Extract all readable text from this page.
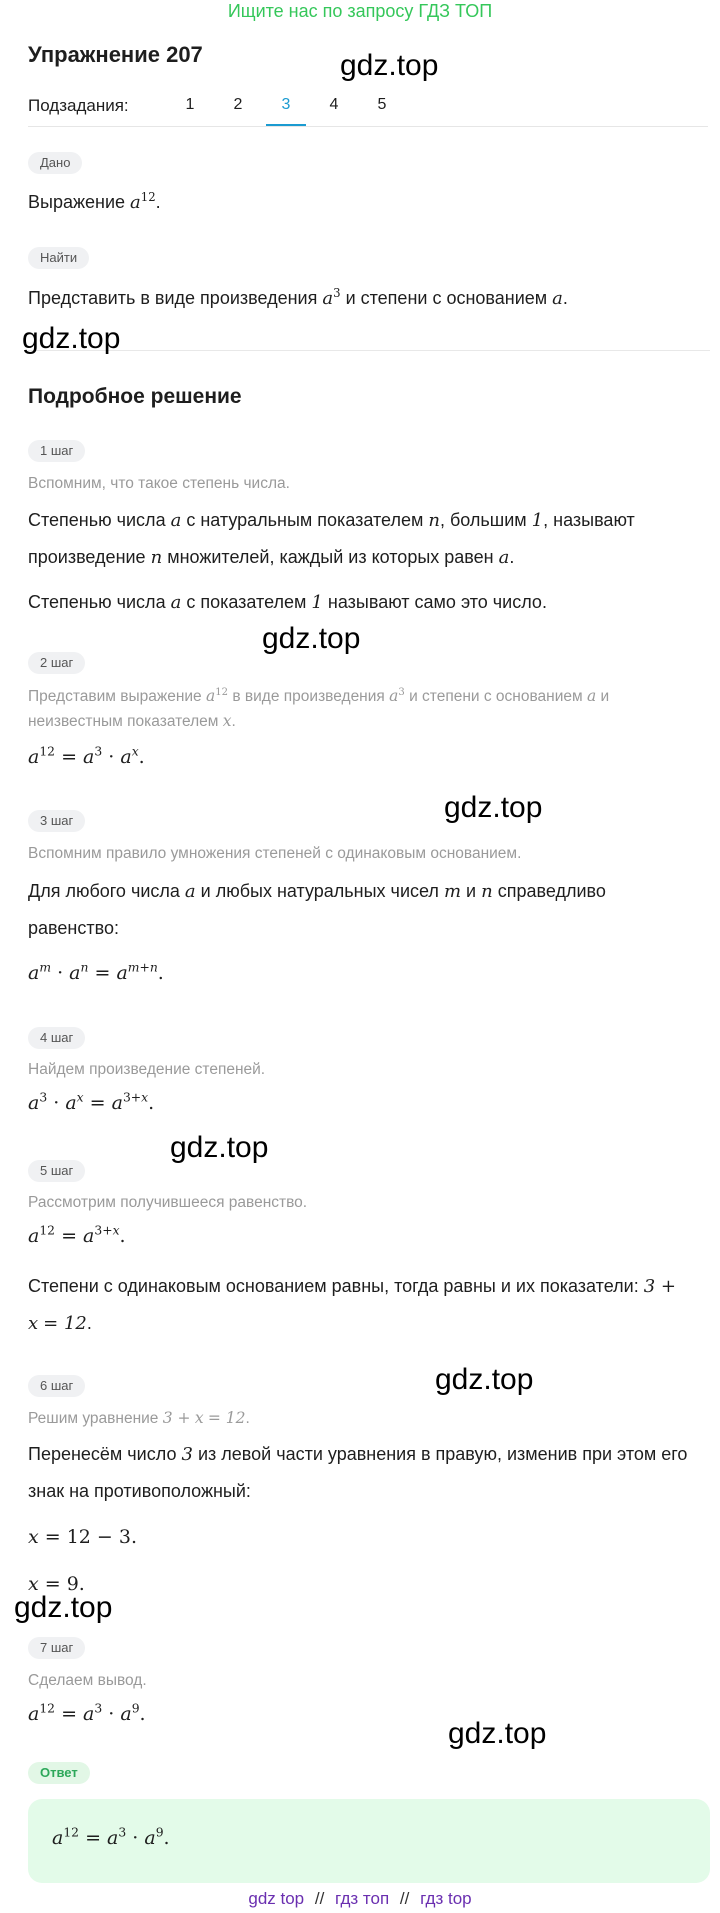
Ищите нас по запросу ГДЗ ТОП
Упражнение 207
Подзадания:	1	2	3	4	5
Дано
Выражение $a^{12}$.
Найти
Представить в виде произведения $a^3$ и степени с основанием a.
Подробное решение
1 шаг
Вспомним, что такое степень числа.
Степенью числа a с натуральным показателем n, большим 1, называют
произведение n множителей, каждый из которых равен a.
Степенью числа a с показателем 1 называют само это число.
2 шаг
Представим выражение $a^{12}$ в виде произведения $a^3$ и степени с основанием a и
неизвестным показателем x.
$a^{12} = a^3 \cdot a^x$.
3 шаг
Вспомним правило умножения степеней с одинаковым основанием.
Для любого числа a и любых натуральных чисел m и n справедливо
равенство:
$a^m \cdot a^n = a^{m+n}$.
4 шаг
Найдем произведение степеней.
$a^3 \cdot a^x = a^{3+x}$.
5 шаг
Рассмотрим получившееся равенство.
$a^{12} = a^{3+x}$.
Степени с одинаковым основанием равны, тогда равны и их показатели: 3 +
x = 12.
6 шаг
Решим уравнение 3 + x = 12.
Перенесём число 3 из левой части уравнения в правую, изменив при этом его
знак на противоположный:
x = 12 − 3.
x = 9.
7 шаг
Сделаем вывод.
$a^{12} = a^3 \cdot a^9$.
Ответ
$a^{12} = a^3 \cdot a^9$.
gdz.top
gdz.top
gdz.top
gdz.top
gdz.top
gdz.top
gdz.top
gdz.top
gdz top // гдз топ // гдз top
